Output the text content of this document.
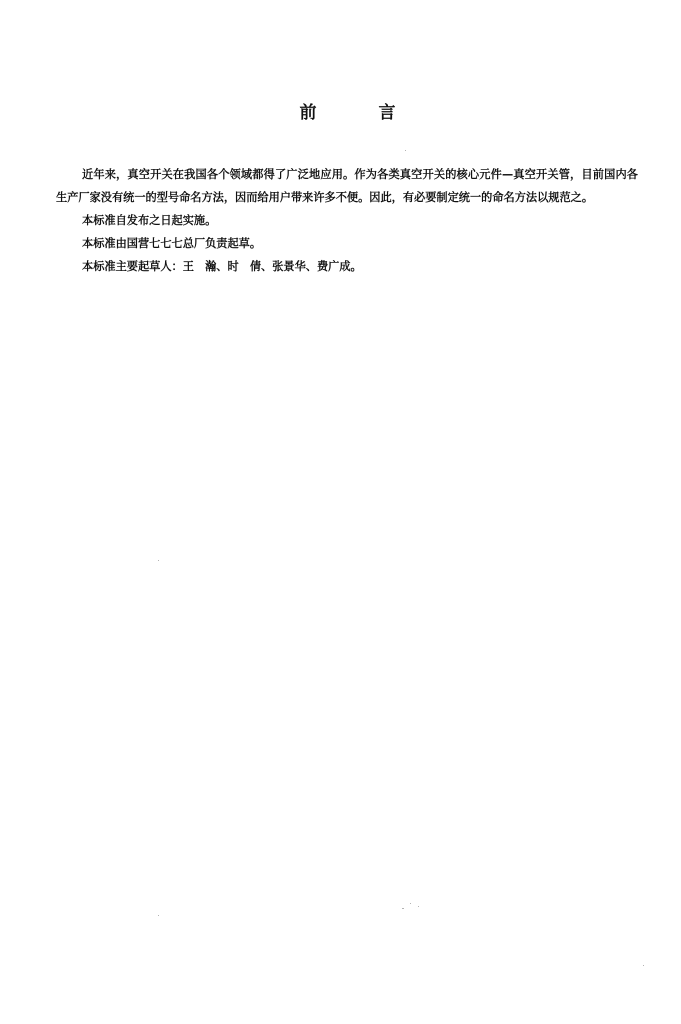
前	言

近年来，真空开关在我国各个领域都得了广泛地应用。作为各类真空开关的核心元件—真空开关管，目前国内各生产厂家没有统一的型号命名方法，因而给用户带来许多不便。因此，有必要制定统一的命名方法以规范之。

本标准自发布之日起实施。

本标准由国营七七七总厂负责起草。

本标准主要起草人：王　瀚、时　倩、张景华、费广成。
